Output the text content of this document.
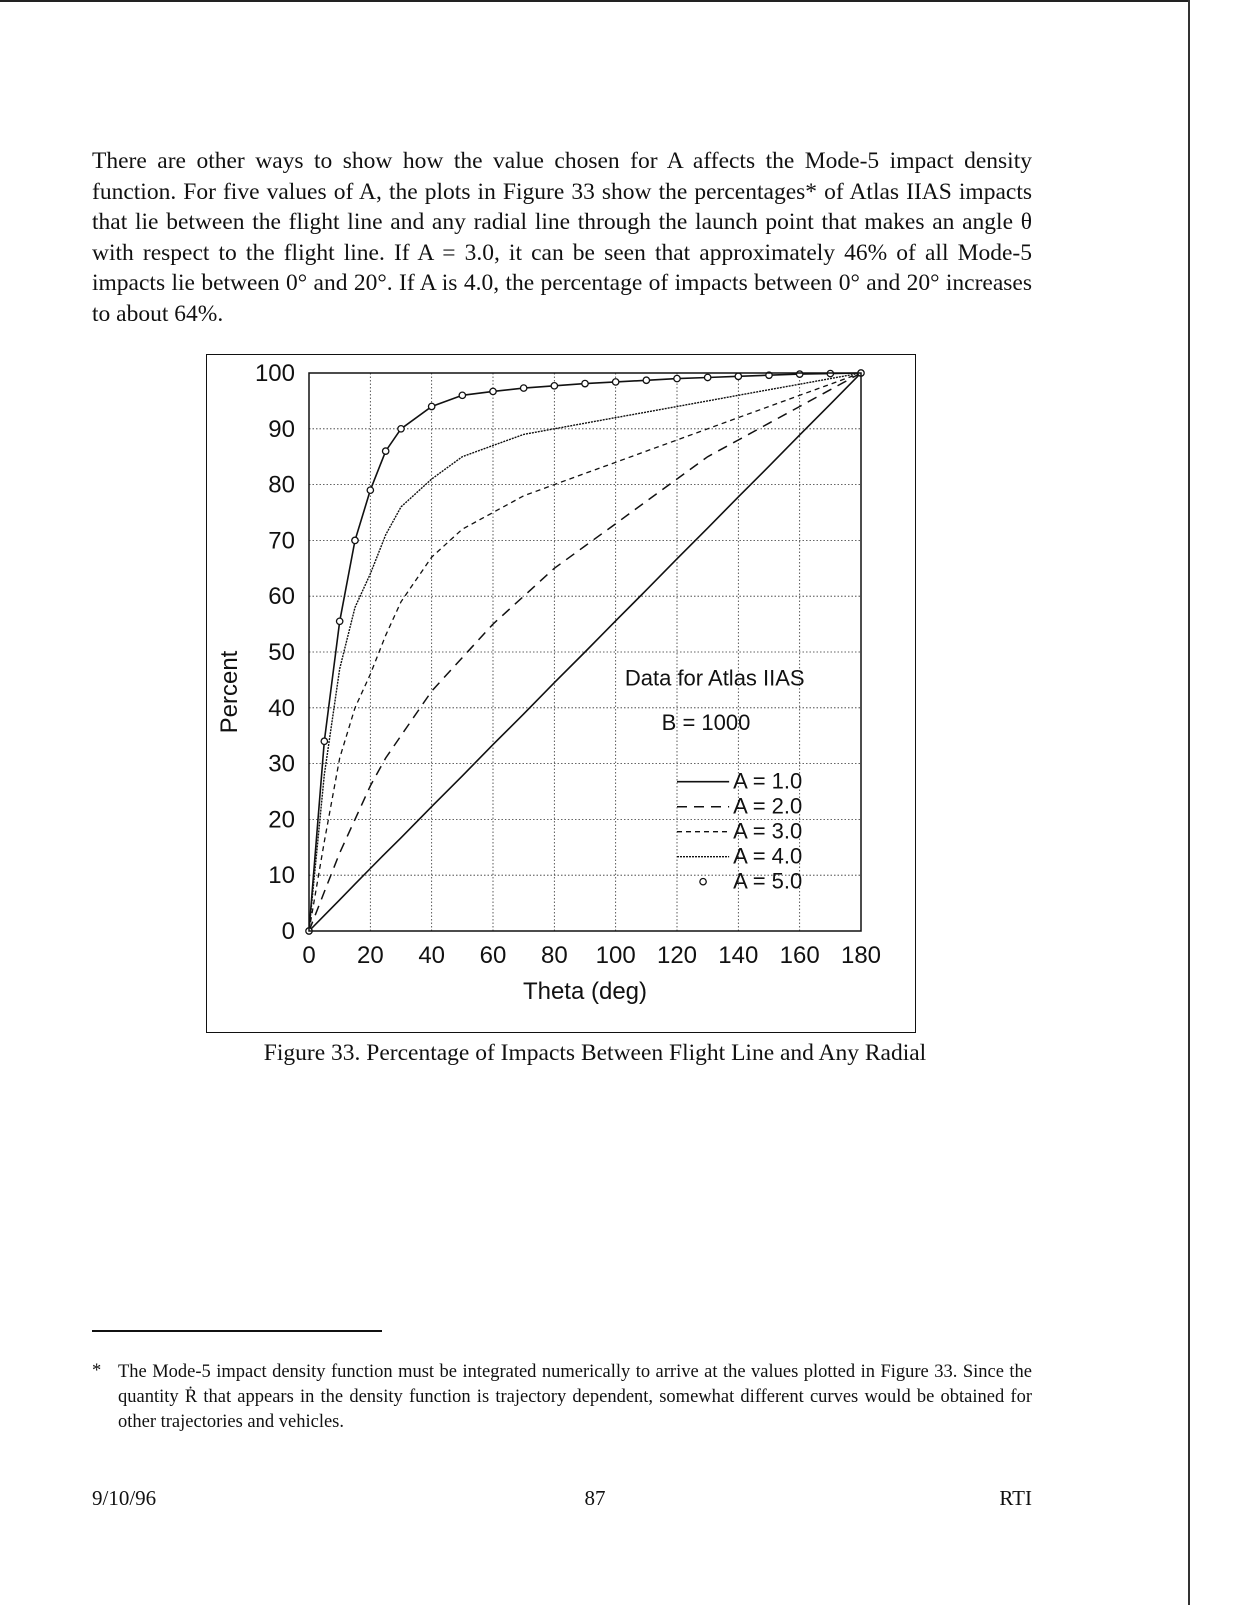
There are other ways to show how the value chosen for A affects the Mode-5 impact density function. For five values of A, the plots in Figure 33 show the percentages* of Atlas IIAS impacts that lie between the flight line and any radial line through the launch point that makes an angle θ with respect to the flight line. If A = 3.0, it can be seen that approximately 46% of all Mode-5 impacts lie between 0° and 20°. If A is 4.0, the percentage of impacts between 0° and 20° increases to about 64%.

0 20 40 60 80 100 120 140 160 180
0
10
20
30
40
50
60
70
80
90
100
Theta (deg)
Percent	Data for Atlas IIAS
B = 1000
A = 1.0
A = 2.0
A = 3.0
A = 4.0
A = 5.0
Figure 33. Percentage of Impacts Between Flight Line and Any Radial
* The Mode-5 impact density function must be integrated numerically to arrive at the values plotted in Figure 33. Since the quantity Ṙ that appears in the density function is trajectory dependent, somewhat different curves would be obtained for other trajectories and vehicles.

9/10/96	87	RTI
